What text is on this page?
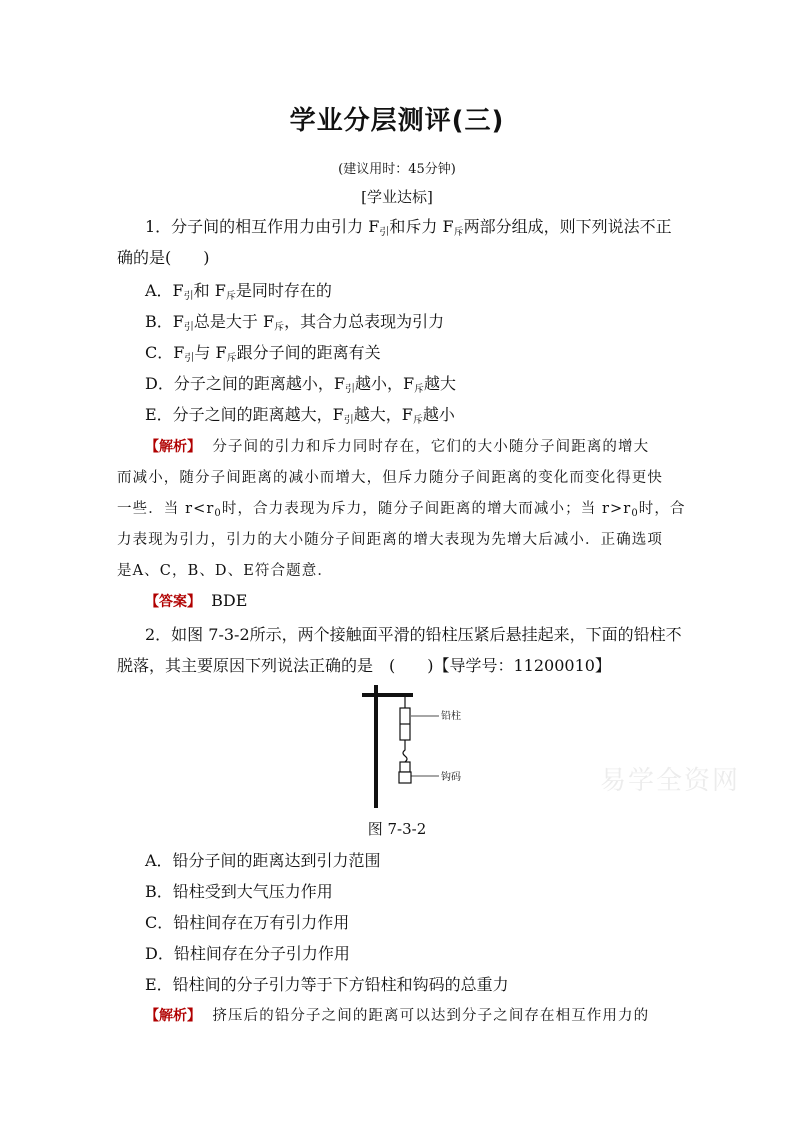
学业分层测评(三)
(建议用时：45分钟)
[学业达标]
1．分子间的相互作用力由引力 F引和斥力 F斥两部分组成，则下列说法不正
确的是(　　)
A．F引和 F斥是同时存在的
B．F引总是大于 F斥，其合力总表现为引力
C．F引与 F斥跟分子间的距离有关
D．分子之间的距离越小，F引越小，F斥越大
E．分子之间的距离越大，F引越大，F斥越小
【解析】 分子间的引力和斥力同时存在，它们的大小随分子间距离的增大
而减小，随分子间距离的减小而增大，但斥力随分子间距离的变化而变化得更快
一些．当 $r<r_0$时，合力表现为斥力，随分子间距离的增大而减小；当 $r>r_0$时，合
力表现为引力，引力的大小随分子间距离的增大表现为先增大后减小．正确选项
是A、C，B、D、E符合题意．
【答案】 BDE
2．如图 7-3-2所示，两个接触面平滑的铅柱压紧后悬挂起来，下面的铅柱不
脱落，其主要原因下列说法正确的是　(　　)【导学号：11200010】
铅柱
钩码
图 7-3-2
易学全资网
A．铅分子间的距离达到引力范围
B．铅柱受到大气压力作用
C．铅柱间存在万有引力作用
D．铅柱间存在分子引力作用
E．铅柱间的分子引力等于下方铅柱和钩码的总重力
【解析】 挤压后的铅分子之间的距离可以达到分子之间存在相互作用力的
